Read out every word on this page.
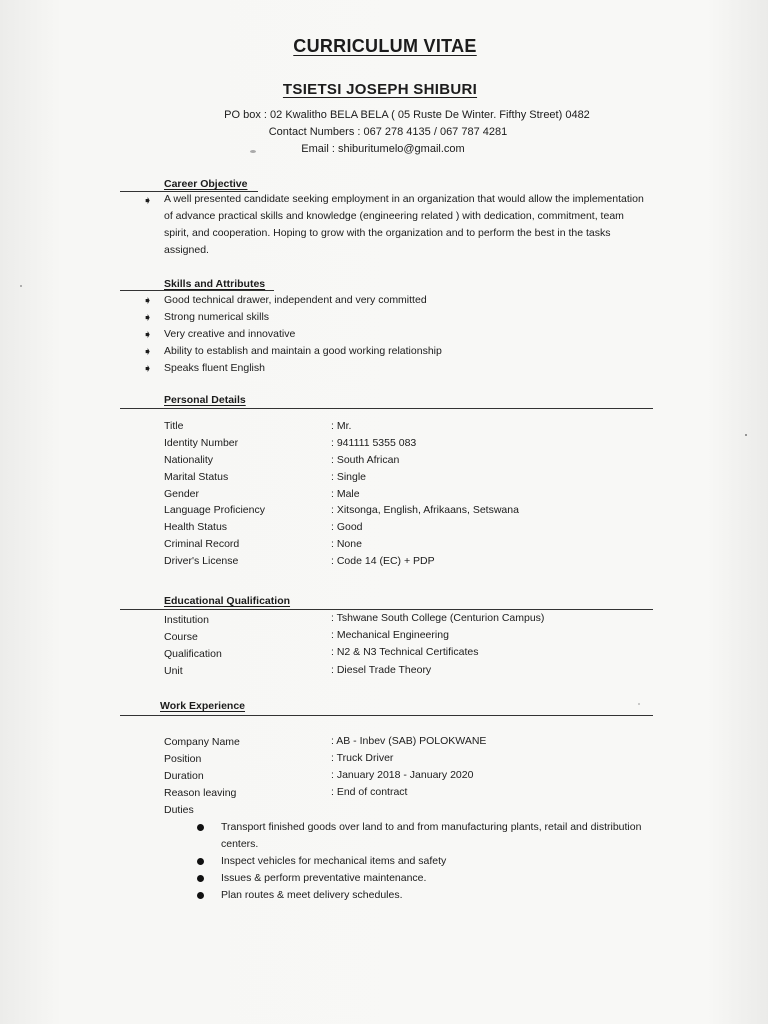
CURRICULUM VITAE
TSIETSI JOSEPH SHIBURI
PO box : 02 Kwalitho BELA BELA ( 05 Ruste De Winter. Fifthy Street) 0482
Contact Numbers : 067 278 4135 / 067 787 4281
Email : shiburitumelo@gmail.com
Career Objective
➧ A well presented candidate seeking employment in an organization that would allow the implementation of advance practical skills and knowledge (engineering related ) with dedication, commitment, team spirit, and cooperation. Hoping to grow with the organization and to perform the best in the tasks assigned.
Skills and Attributes
➧ Good technical drawer, independent and very committed
➧ Strong numerical skills
➧ Very creative and innovative
➧ Ability to establish and maintain a good working relationship
➧ Speaks fluent English
Personal Details
Title	: Mr.
Identity Number	: 941111 5355 083
Nationality	: South African
Marital Status	: Single
Gender	: Male
Language Proficiency	: Xitsonga, English, Afrikaans, Setswana
Health Status	: Good
Criminal Record	: None
Driver's License	: Code 14 (EC) + PDP
Educational Qualification
Institution	: Tshwane South College (Centurion Campus)
Course	: Mechanical Engineering
Qualification	: N2 & N3 Technical Certificates
Unit	: Diesel Trade Theory
Work Experience
Company Name	: AB - Inbev (SAB) POLOKWANE
Position	: Truck Driver
Duration	: January 2018 - January 2020
Reason leaving	: End of contract
Duties
Transport finished goods over land to and from manufacturing plants, retail and distribution centers.
Inspect vehicles for mechanical items and safety
Issues & perform preventative maintenance.
Plan routes & meet delivery schedules.
